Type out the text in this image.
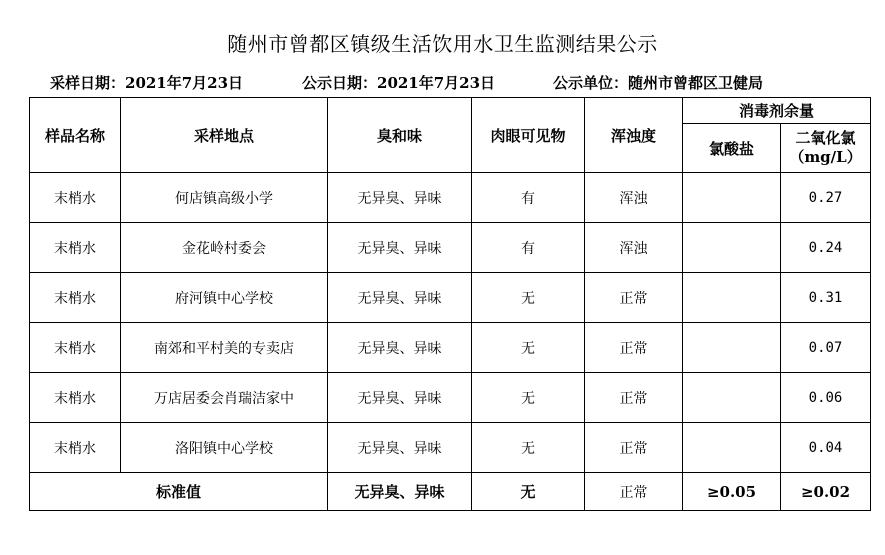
随州市曾都区镇级生活饮用水卫生监测结果公示
采样日期：2021年7月23日	公示日期：2021年7月23日	公示单位：随州市曾都区卫健局
样品名称	采样地点	臭和味	肉眼可见物	浑浊度	消毒剂余量	
					氯酸盐	二氧化氯
（mg/L）

末梢水	何店镇高级小学	无异臭、异味	有	浑浊		0.27
末梢水	金花岭村委会	无异臭、异味	有	浑浊		0.24
末梢水	府河镇中心学校	无异臭、异味	无	正常		0.31
末梢水	南郊和平村美的专卖店	无异臭、异味	无	正常		0.07
末梢水	万店居委会肖瑞洁家中	无异臭、异味	无	正常		0.06
末梢水	洛阳镇中心学校	无异臭、异味	无	正常		0.04
标准值		无异臭、异味	无	正常	≥0.05	≥0.02
